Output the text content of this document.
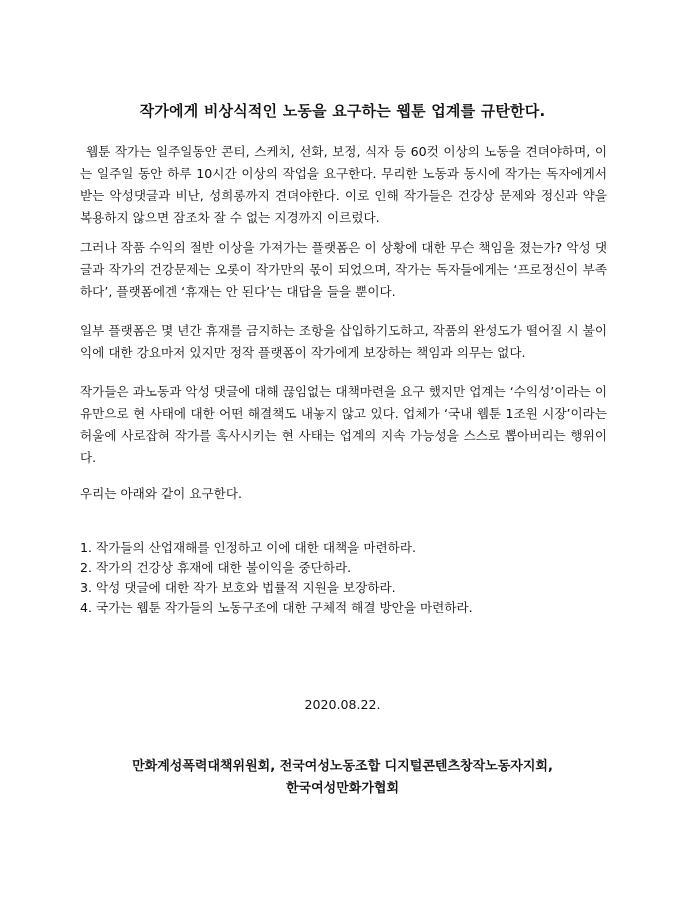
작가에게 비상식적인 노동을 요구하는 웹툰 업계를 규탄한다.
웹툰 작가는 일주일동안 콘티, 스케치, 선화, 보정, 식자 등 60컷 이상의 노동을 견뎌야하며, 이는 일주일 동안 하루 10시간 이상의 작업을 요구한다. 무리한 노동과 동시에 작가는 독자에게서 받는 악성댓글과 비난, 성희롱까지 견뎌야한다. 이로 인해 작가들은 건강상 문제와 정신과 약을 복용하지 않으면 잠조차 잘 수 없는 지경까지 이르렀다.
그러나 작품 수익의 절반 이상을 가져가는 플랫폼은 이 상황에 대한 무슨 책임을 졌는가? 악성 댓글과 작가의 건강문제는 오롯이 작가만의 몫이 되었으며, 작가는 독자들에게는 ‘프로정신이 부족하다’, 플랫폼에겐 ‘휴재는 안 된다’는 대답을 들을 뿐이다.
일부 플랫폼은 몇 년간 휴재를 금지하는 조항을 삽입하기도하고, 작품의 완성도가 떨어질 시 불이익에 대한 강요마저 있지만 정작 플랫폼이 작가에게 보장하는 책임과 의무는 없다.
작가들은 과노동과 악성 댓글에 대해 끊임없는 대책마련을 요구 했지만 업계는 ‘수익성’이라는 이유만으로 현 사태에 대한 어떤 해결책도 내놓지 않고 있다. 업체가 ‘국내 웹툰 1조원 시장’이라는 허울에 사로잡혀 작가를 혹사시키는 현 사태는 업계의 지속 가능성을 스스로 뽑아버리는 행위이다.
우리는 아래와 같이 요구한다.
1. 작가들의 산업재해를 인정하고 이에 대한 대책을 마련하라.
2. 작가의 건강상 휴재에 대한 불이익을 중단하라.
3. 악성 댓글에 대한 작가 보호와 법률적 지원을 보장하라.
4. 국가는 웹툰 작가들의 노동구조에 대한 구체적 해결 방안을 마련하라.
2020.08.22.
만화계성폭력대책위원회, 전국여성노동조합 디지털콘텐츠창작노동자지회,
한국여성만화가협회
